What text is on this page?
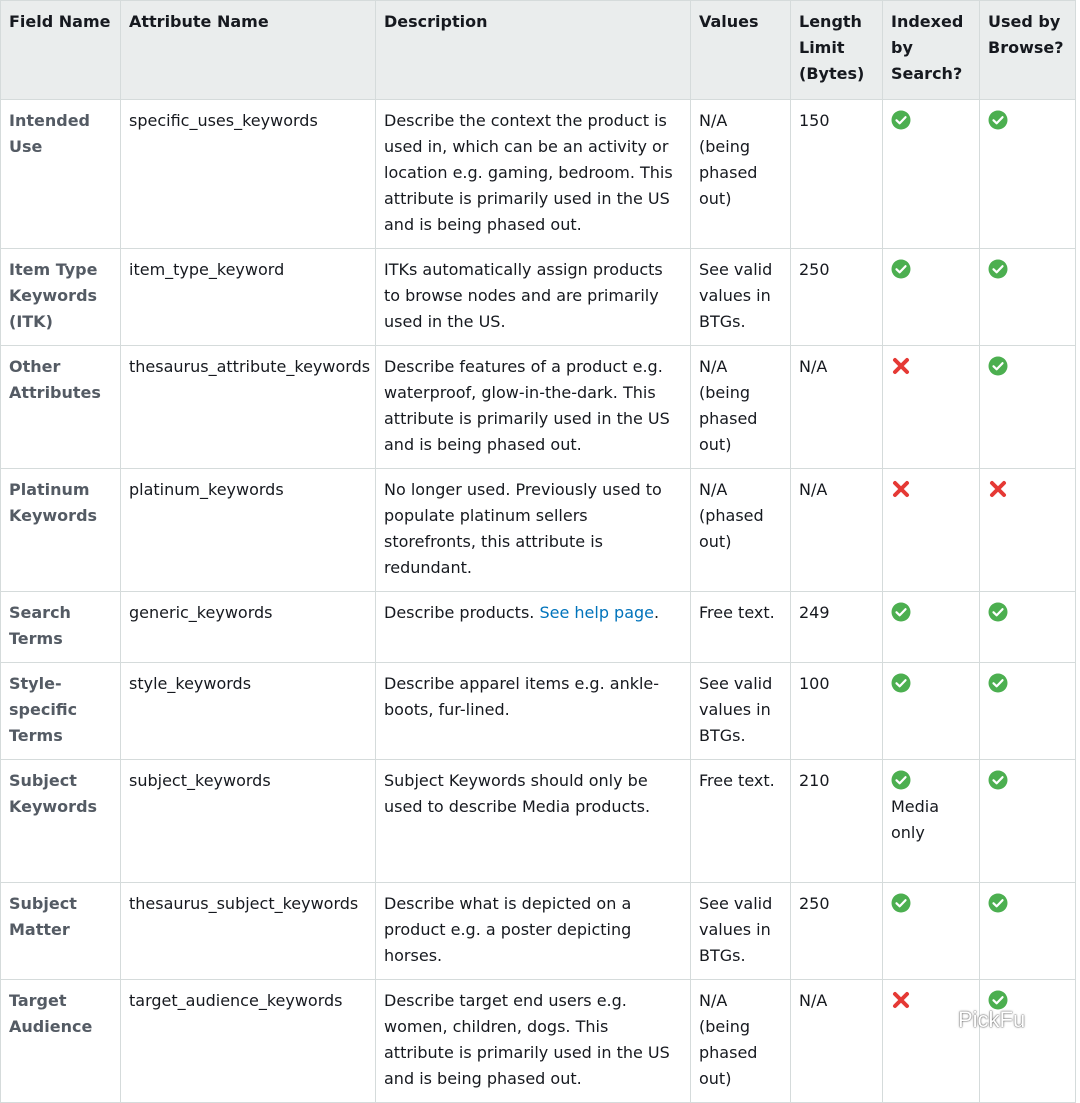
Field Name	Attribute Name	Description	Values	Length Limit (Bytes)	Indexed by Search?	Used by Browse?
Intended Use	specific_uses_keywords	Describe the context the product is used in, which can be an activity or location e.g. gaming, bedroom. This attribute is primarily used in the US and is being phased out.	N/A (being phased out)	150		
Item Type Keywords (ITK)	item_type_keyword	ITKs automatically assign products to browse nodes and are primarily used in the US.	See valid values in BTGs.	250		
Other Attributes	thesaurus_attribute_keywords	Describe features of a product e.g. waterproof, glow-in-the-dark. This attribute is primarily used in the US and is being phased out.	N/A (being phased out)	N/A		
Platinum Keywords	platinum_keywords	No longer used. Previously used to populate platinum sellers storefronts, this attribute is redundant.	N/A (phased out)	N/A		
Search Terms	generic_keywords	Describe products. See help page.	Free text.	249		
Style-specific Terms	style_keywords	Describe apparel items e.g. ankle-boots, fur-lined.	See valid values in BTGs.	100		
Subject Keywords	subject_keywords	Subject Keywords should only be used to describe Media products.	Free text.	210	Media only

Subject Matter	thesaurus_subject_keywords	Describe what is depicted on a product e.g. a poster depicting horses.	See valid values in BTGs.	250		
Target Audience	target_audience_keywords	Describe target end users e.g. women, children, dogs. This attribute is primarily used in the US and is being phased out.	N/A (being phased out)	N/A		
PickFu
